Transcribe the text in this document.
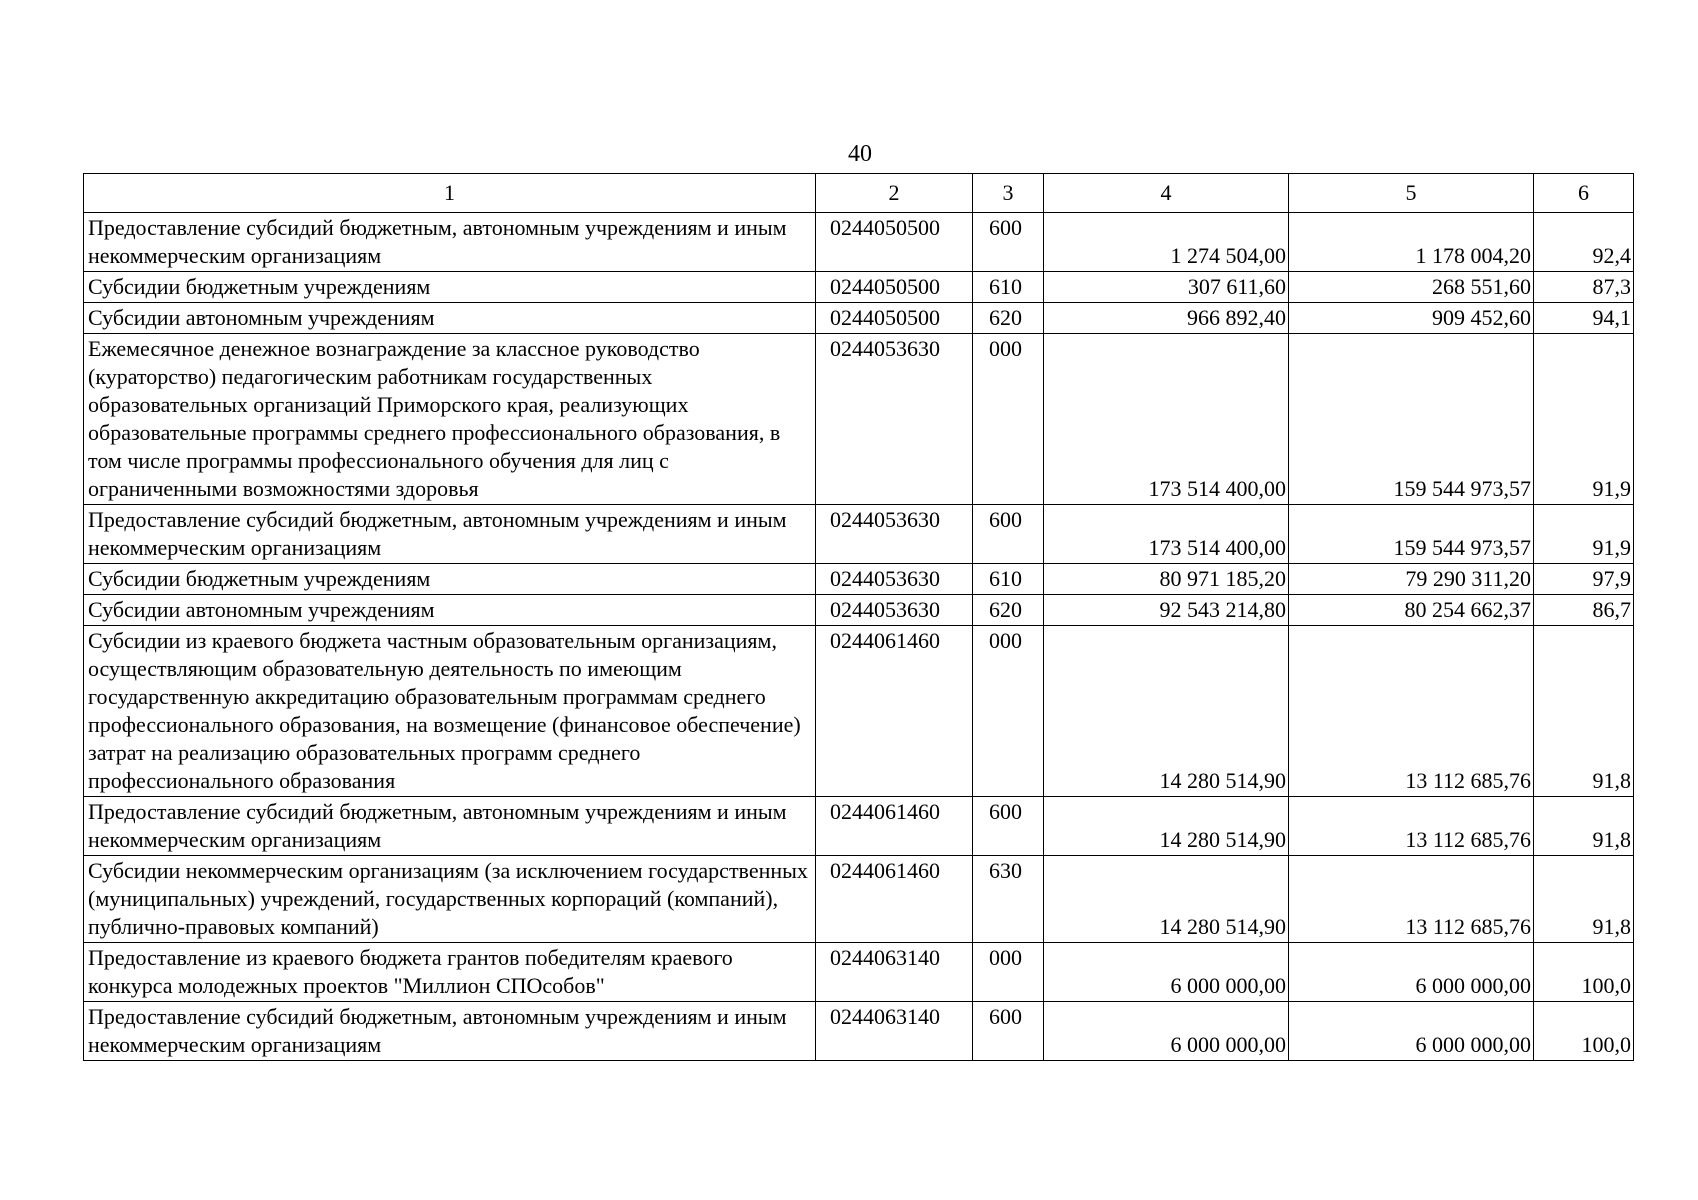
40
1	2	3	4	5	6
Предоставление субсидий бюджетным, автономным учреждениям и иным некоммерческим организациям	0244050500	600	1 274 504,00	1 178 004,20	92,4
Субсидии бюджетным учреждениям	0244050500	610	307 611,60	268 551,60	87,3
Субсидии автономным учреждениям	0244050500	620	966 892,40	909 452,60	94,1
Ежемесячное денежное вознаграждение за классное руководство (кураторство) педагогическим работникам государственных образовательных организаций Приморского края, реализующих образовательные программы среднего профессионального образования, в том числе программы профессионального обучения для лиц с ограниченными возможностями здоровья	0244053630	000	173 514 400,00	159 544 973,57	91,9
Предоставление субсидий бюджетным, автономным учреждениям и иным некоммерческим организациям	0244053630	600	173 514 400,00	159 544 973,57	91,9
Субсидии бюджетным учреждениям	0244053630	610	80 971 185,20	79 290 311,20	97,9
Субсидии автономным учреждениям	0244053630	620	92 543 214,80	80 254 662,37	86,7
Субсидии из краевого бюджета частным образовательным организациям, осуществляющим образовательную деятельность по имеющим государственную аккредитацию образовательным программам среднего профессионального образования, на возмещение (финансовое обеспечение) затрат на реализацию образовательных программ среднего профессионального образования	0244061460	000	14 280 514,90	13 112 685,76	91,8
Предоставление субсидий бюджетным, автономным учреждениям и иным некоммерческим организациям	0244061460	600	14 280 514,90	13 112 685,76	91,8
Субсидии некоммерческим организациям (за исключением государственных (муниципальных) учреждений, государственных корпораций (компаний), публично-правовых компаний)	0244061460	630	14 280 514,90	13 112 685,76	91,8
Предоставление из краевого бюджета грантов победителям краевого конкурса молодежных проектов "Миллион СПОсобов"	0244063140	000	6 000 000,00	6 000 000,00	100,0
Предоставление субсидий бюджетным, автономным учреждениям и иным некоммерческим организациям	0244063140	600	6 000 000,00	6 000 000,00	100,0
